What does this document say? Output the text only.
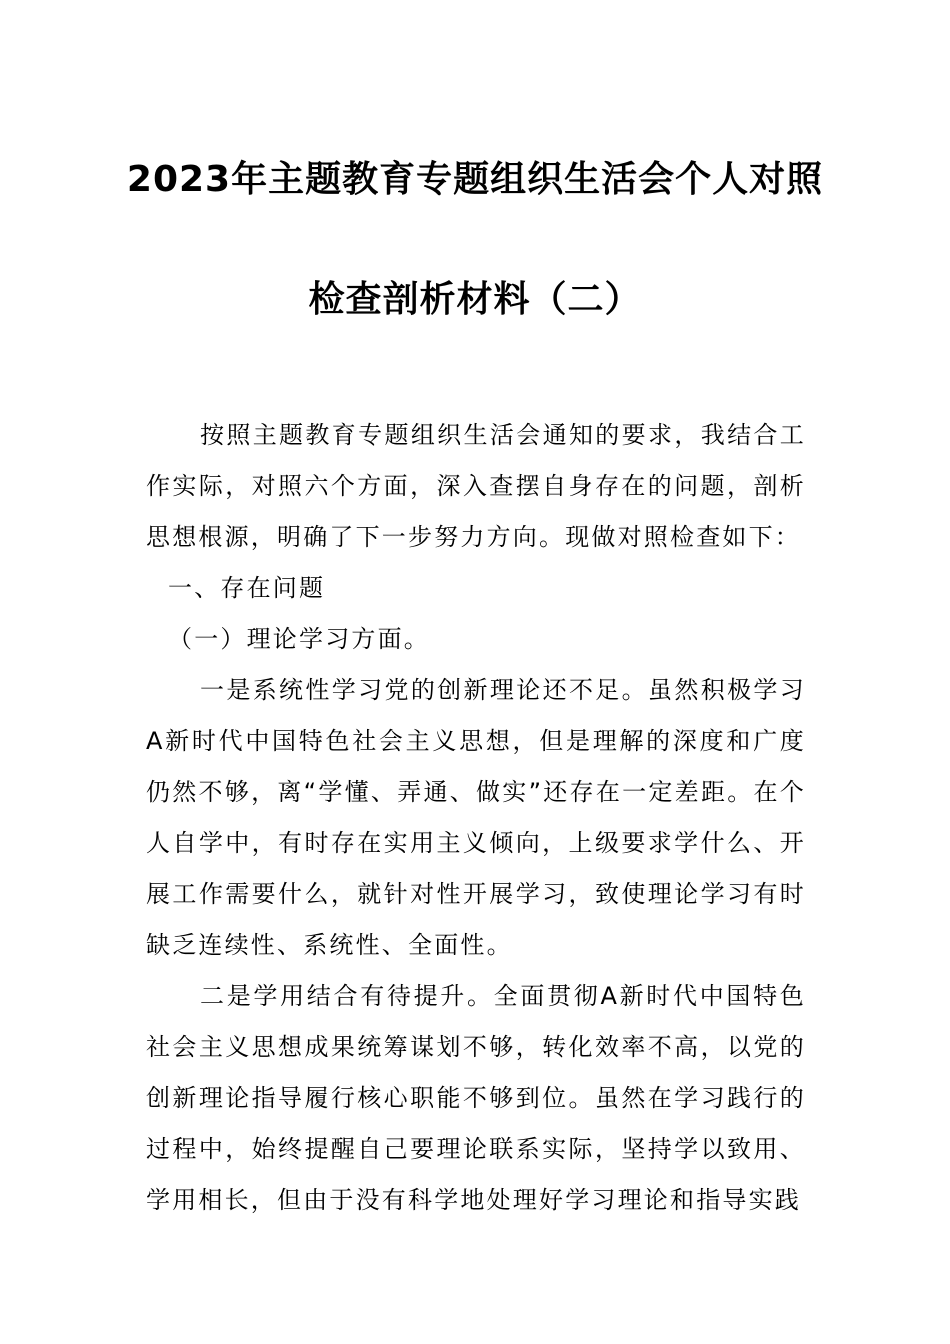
2023年主题教育专题组织生活会个人对照
检查剖析材料（二）

按照主题教育专题组织生活会通知的要求，我结合工作实际，对照六个方面，深入查摆自身存在的问题，剖析思想根源，明确了下一步努力方向。现做对照检查如下：

一、存在问题

（一）理论学习方面。

一是系统性学习党的创新理论还不足。虽然积极学习A新时代中国特色社会主义思想，但是理解的深度和广度仍然不够，离“学懂、弄通、做实”还存在一定差距。在个人自学中，有时存在实用主义倾向，上级要求学什么、开展工作需要什么，就针对性开展学习，致使理论学习有时缺乏连续性、系统性、全面性。

二是学用结合有待提升。全面贯彻A新时代中国特色社会主义思想成果统筹谋划不够，转化效率不高，以党的创新理论指导履行核心职能不够到位。虽然在学习践行的过程中，始终提醒自己要理论联系实际，坚持学以致用、学用相长，但由于没有科学地处理好学习理论和指导实践
